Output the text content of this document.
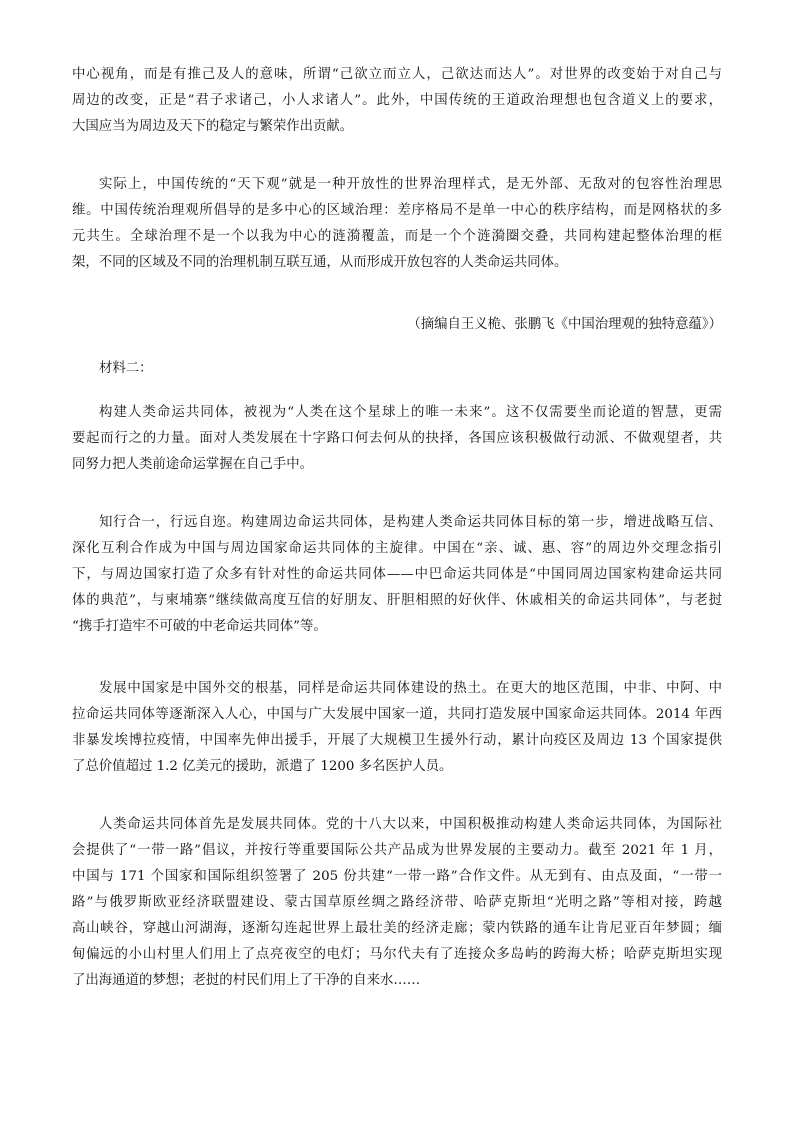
中心视角，而是有推己及人的意味，所谓“己欲立而立人，己欲达而达人”。对世界的改变始于对自己与
周边的改变，正是“君子求诸己，小人求诸人”。此外，中国传统的王道政治理想也包含道义上的要求，
大国应当为周边及天下的稳定与繁荣作出贡献。
实际上，中国传统的“天下观”就是一种开放性的世界治理样式，是无外部、无敌对的包容性治理思
维。中国传统治理观所倡导的是多中心的区域治理：差序格局不是单一中心的秩序结构，而是网格状的多
元共生。全球治理不是一个以我为中心的涟漪覆盖，而是一个个涟漪圈交叠，共同构建起整体治理的框
架，不同的区域及不同的治理机制互联互通，从而形成开放包容的人类命运共同体。
（摘编自王义桅、张鹏飞《中国治理观的独特意蕴》）
材料二：
构建人类命运共同体，被视为“人类在这个星球上的唯一未来”。这不仅需要坐而论道的智慧，更需
要起而行之的力量。面对人类发展在十字路口何去何从的抉择，各国应该积极做行动派、不做观望者，共
同努力把人类前途命运掌握在自己手中。
知行合一，行远自迩。构建周边命运共同体，是构建人类命运共同体目标的第一步，增进战略互信、
深化互利合作成为中国与周边国家命运共同体的主旋律。中国在“亲、诚、惠、容”的周边外交理念指引
下，与周边国家打造了众多有针对性的命运共同体——中巴命运共同体是“中国同周边国家构建命运共同
体的典范”，与柬埔寨“继续做高度互信的好朋友、肝胆相照的好伙伴、休戚相关的命运共同体”，与老挝
“携手打造牢不可破的中老命运共同体”等。
发展中国家是中国外交的根基，同样是命运共同体建设的热土。在更大的地区范围，中非、中阿、中
拉命运共同体等逐渐深入人心，中国与广大发展中国家一道，共同打造发展中国家命运共同体。2014 年西
非暴发埃博拉疫情，中国率先伸出援手，开展了大规模卫生援外行动，累计向疫区及周边 13 个国家提供
了总价值超过 1.2 亿美元的援助，派遣了 1200 多名医护人员。
人类命运共同体首先是发展共同体。党的十八大以来，中国积极推动构建人类命运共同体，为国际社
会提供了“一带一路”倡议，并按行等重要国际公共产品成为世界发展的主要动力。截至 2021 年 1 月，
中国与 171 个国家和国际组织签署了 205 份共建“一带一路”合作文件。从无到有、由点及面，“一带一
路”与俄罗斯欧亚经济联盟建设、蒙古国草原丝绸之路经济带、哈萨克斯坦“光明之路”等相对接，跨越
高山峡谷，穿越山河湖海，逐渐勾连起世界上最壮美的经济走廊；蒙内铁路的通车让肯尼亚百年梦圆；缅
甸偏远的小山村里人们用上了点亮夜空的电灯；马尔代夫有了连接众多岛屿的跨海大桥；哈萨克斯坦实现
了出海通道的梦想；老挝的村民们用上了干净的自来水……
